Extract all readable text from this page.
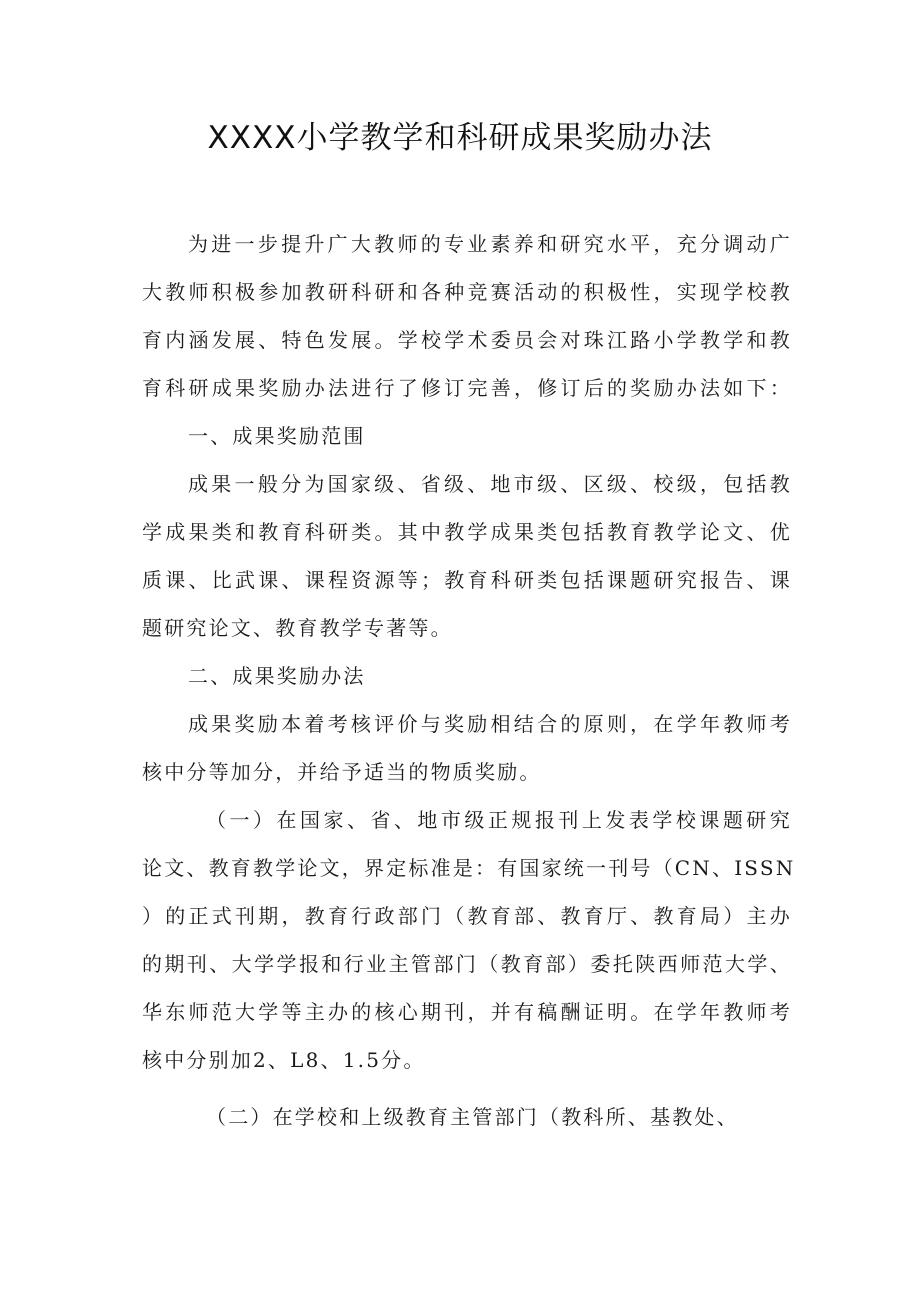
XXXX小学教学和科研成果奖励办法
为进一步提升广大教师的专业素养和研究水平，充分调动广
大教师积极参加教研科研和各种竞赛活动的积极性，实现学校教
育内涵发展、特色发展。学校学术委员会对珠江路小学教学和教
育科研成果奖励办法进行了修订完善，修订后的奖励办法如下：
一、成果奖励范围
成果一般分为国家级、省级、地市级、区级、校级，包括教
学成果类和教育科研类。其中教学成果类包括教育教学论文、优
质课、比武课、课程资源等；教育科研类包括课题研究报告、课
题研究论文、教育教学专著等。
二、成果奖励办法
成果奖励本着考核评价与奖励相结合的原则，在学年教师考
核中分等加分，并给予适当的物质奖励。
（一）在国家、省、地市级正规报刊上发表学校课题研究
论文、教育教学论文，界定标准是：有国家统一刊号（CN、ISSN
）的正式刊期，教育行政部门（教育部、教育厅、教育局）主办
的期刊、大学学报和行业主管部门（教育部）委托陕西师范大学、
华东师范大学等主办的核心期刊，并有稿酬证明。在学年教师考
核中分别加2、L8、1.5分。
（二）在学校和上级教育主管部门（教科所、基教处、
